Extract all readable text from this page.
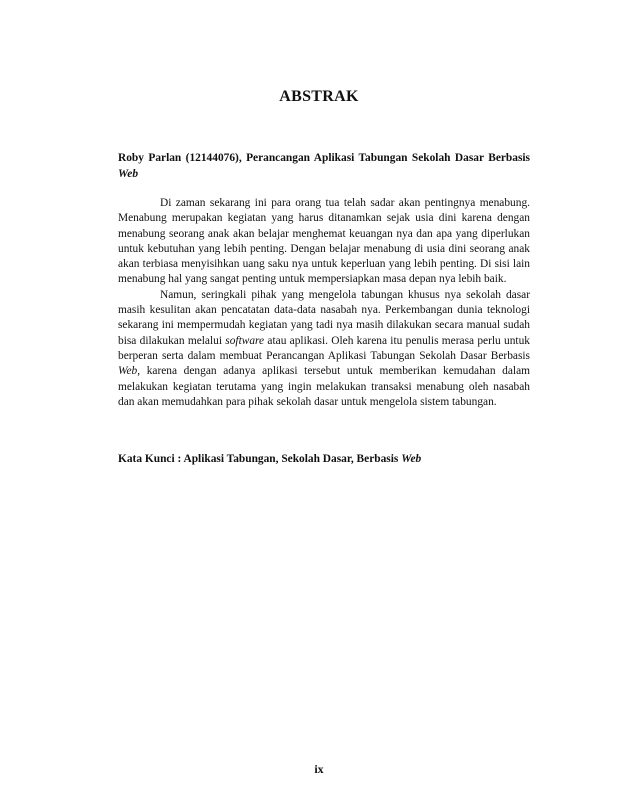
ABSTRAK
Roby Parlan (12144076), Perancangan Aplikasi Tabungan Sekolah Dasar Berbasis Web

Di zaman sekarang ini para orang tua telah sadar akan pentingnya menabung. Menabung merupakan kegiatan yang harus ditanamkan sejak usia dini karena dengan menabung seorang anak akan belajar menghemat keuangan nya dan apa yang diperlukan untuk kebutuhan yang lebih penting. Dengan belajar menabung di usia dini seorang anak akan terbiasa menyisihkan uang saku nya untuk keperluan yang lebih penting. Di sisi lain menabung hal yang sangat penting untuk mempersiapkan masa depan nya lebih baik.

Namun, seringkali pihak yang mengelola tabungan khusus nya sekolah dasar masih kesulitan akan pencatatan data-data nasabah nya. Perkembangan dunia teknologi sekarang ini mempermudah kegiatan yang tadi nya masih dilakukan secara manual sudah bisa dilakukan melalui software atau aplikasi. Oleh karena itu penulis merasa perlu untuk berperan serta dalam membuat Perancangan Aplikasi Tabungan Sekolah Dasar Berbasis Web, karena dengan adanya aplikasi tersebut untuk memberikan kemudahan dalam melakukan kegiatan terutama yang ingin melakukan transaksi menabung oleh nasabah dan akan memudahkan para pihak sekolah dasar untuk mengelola sistem tabungan.

Kata Kunci : Aplikasi Tabungan, Sekolah Dasar, Berbasis Web
ix
